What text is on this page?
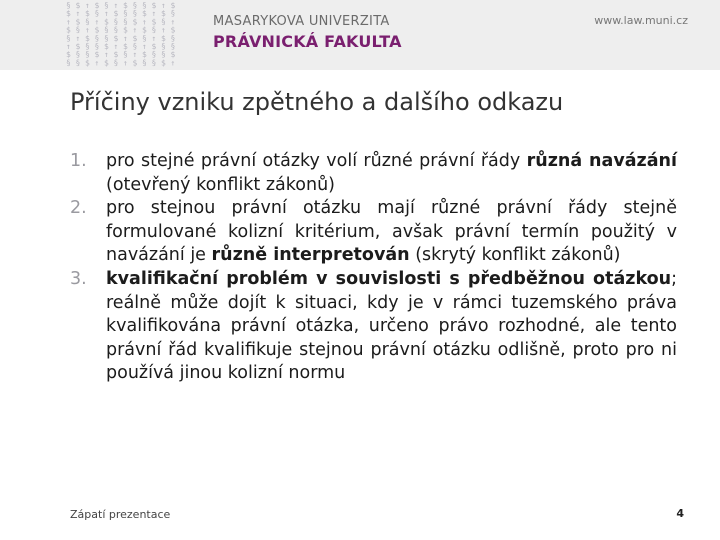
§ $ ↑ $ § ↑ $ § § $ ↑ $
$ ↑ $ § ↑ $ § § $ ↑ $ §
↑ $ § ↑ $ § § $ ↑ $ § ↑
$ § ↑ $ § § $ ↑ $ § ↑ $
§ ↑ $ § § $ ↑ $ § ↑ $ §
↑ $ § § $ ↑ $ § ↑ $ § §
$ § § $ ↑ $ § ↑ $ § § $
§ § $ ↑ $ § ↑ $ § § $ ↑
MASARYKOVA UNIVERZITA
PRÁVNICKÁ FAKULTA
www.law.muni.cz
Příčiny vzniku zpětného a dalšího odkazu
1. pro stejné právní otázky volí různé právní řády různá navázání (otevřený konflikt zákonů)
2. pro stejnou právní otázku mají různé právní řády stejně formulované kolizní kritérium, avšak právní termín použitý v navázání je různě interpretován (skrytý konflikt zákonů)
3. kvalifikační problém v souvislosti s předběžnou otázkou; reálně může dojít k situaci, kdy je v rámci tuzemského práva kvalifikována právní otázka, určeno právo rozhodné, ale tento právní řád kvalifikuje stejnou právní otázku odlišně, proto pro ni používá jinou kolizní normu
Zápatí prezentace	4
